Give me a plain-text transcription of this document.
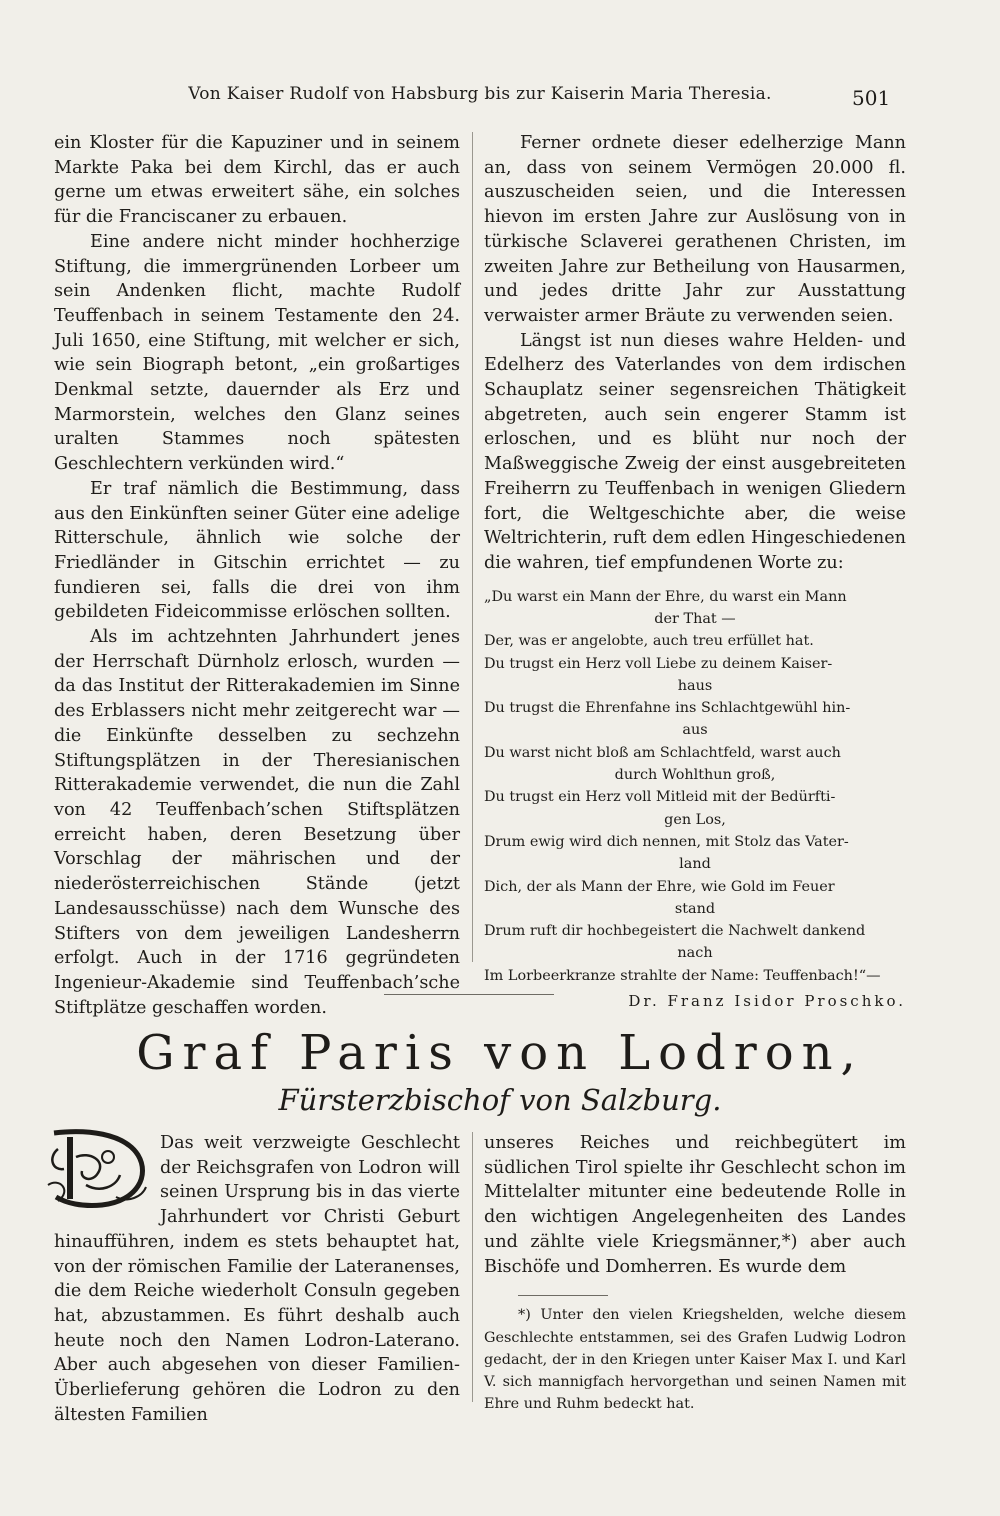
Von Kaiser Rudolf von Habsburg bis zur Kaiserin Maria Theresia.	501

ein Kloster für die Kapuziner und in seinem Markte Paka bei dem Kirchl, das er auch gerne um etwas erweitert sähe, ein solches für die Franciscaner zu erbauen.

Eine andere nicht minder hochherzige Stiftung, die immergrünenden Lorbeer um sein Andenken flicht, machte Rudolf Teuffenbach in seinem Testamente den 24. Juli 1650, eine Stiftung, mit welcher er sich, wie sein Biograph betont, „ein großartiges Denkmal setzte, dauernder als Erz und Marmorstein, welches den Glanz seines uralten Stammes noch spätesten Geschlechtern verkünden wird.“

Er traf nämlich die Bestimmung, dass aus den Einkünften seiner Güter eine adelige Ritterschule, ähnlich wie solche der Friedländer in Gitschin errichtet — zu fundieren sei, falls die drei von ihm gebildeten Fideicommisse erlöschen sollten.

Als im achtzehnten Jahrhundert jenes der Herrschaft Dürnholz erlosch, wurden — da das Institut der Ritterakademien im Sinne des Erblassers nicht mehr zeitgerecht war — die Einkünfte desselben zu sechzehn Stiftungsplätzen in der Theresianischen Ritterakademie verwendet, die nun die Zahl von 42 Teuffenbach’schen Stiftsplätzen erreicht haben, deren Besetzung über Vorschlag der mährischen und der niederösterreichischen Stände (jetzt Landesausschüsse) nach dem Wunsche des Stifters von dem jeweiligen Landesherrn erfolgt. Auch in der 1716 gegründeten Ingenieur-Akademie sind Teuffenbach’sche Stiftplätze geschaffen worden.

Ferner ordnete dieser edelherzige Mann an, dass von seinem Vermögen 20.000 fl. auszuscheiden seien, und die Interessen hievon im ersten Jahre zur Auslösung von in türkische Sclaverei gerathenen Christen, im zweiten Jahre zur Betheilung von Hausarmen, und jedes dritte Jahr zur Ausstattung verwaister armer Bräute zu verwenden seien.

Längst ist nun dieses wahre Helden- und Edelherz des Vaterlandes von dem irdischen Schauplatz seiner segensreichen Thätigkeit abgetreten, auch sein engerer Stamm ist erloschen, und es blüht nur noch der Maßweggische Zweig der einst ausgebreiteten Freiherrn zu Teuffenbach in wenigen Gliedern fort, die Weltgeschichte aber, die weise Weltrichterin, ruft dem edlen Hingeschiedenen die wahren, tief empfundenen Worte zu:

„Du warst ein Mann der Ehre, du warst ein Mann
der That —
Der, was er angelobte, auch treu erfüllet hat.
Du trugst ein Herz voll Liebe zu deinem Kaiser-
haus
Du trugst die Ehrenfahne ins Schlachtgewühl hin-
aus
Du warst nicht bloß am Schlachtfeld, warst auch
durch Wohlthun groß,
Du trugst ein Herz voll Mitleid mit der Bedürfti-
gen Los,
Drum ewig wird dich nennen, mit Stolz das Vater-
land
Dich, der als Mann der Ehre, wie Gold im Feuer
stand
Drum ruft dir hochbegeistert die Nachwelt dankend
nach
Im Lorbeerkranze strahlte der Name: Teuffenbach!“—
Dr. Franz Isidor Proschko.
Graf Paris von Lodron,
Fürsterzbischof von Salzburg.

Das weit verzweigte Geschlecht der Reichsgrafen von Lodron will seinen Ursprung bis in das vierte Jahrhundert vor Christi Geburt hinaufführen, indem es stets behauptet hat, von der römischen Familie der Lateranenses, die dem Reiche wiederholt Consuln gegeben hat, abzustammen. Es führt deshalb auch heute noch den Namen Lodron-Laterano. Aber auch abgesehen von dieser Familien-Überlieferung gehören die Lodron zu den ältesten Familien

unseres Reiches und reichbegütert im südlichen Tirol spielte ihr Geschlecht schon im Mittelalter mitunter eine bedeutende Rolle in den wichtigen Angelegenheiten des Landes und zählte viele Kriegsmänner,*) aber auch Bischöfe und Domherren. Es wurde dem

*) Unter den vielen Kriegshelden, welche diesem Geschlechte entstammen, sei des Grafen Ludwig Lodron gedacht, der in den Kriegen unter Kaiser Max I. und Karl V. sich mannigfach hervorgethan und seinen Namen mit Ehre und Ruhm bedeckt hat.
